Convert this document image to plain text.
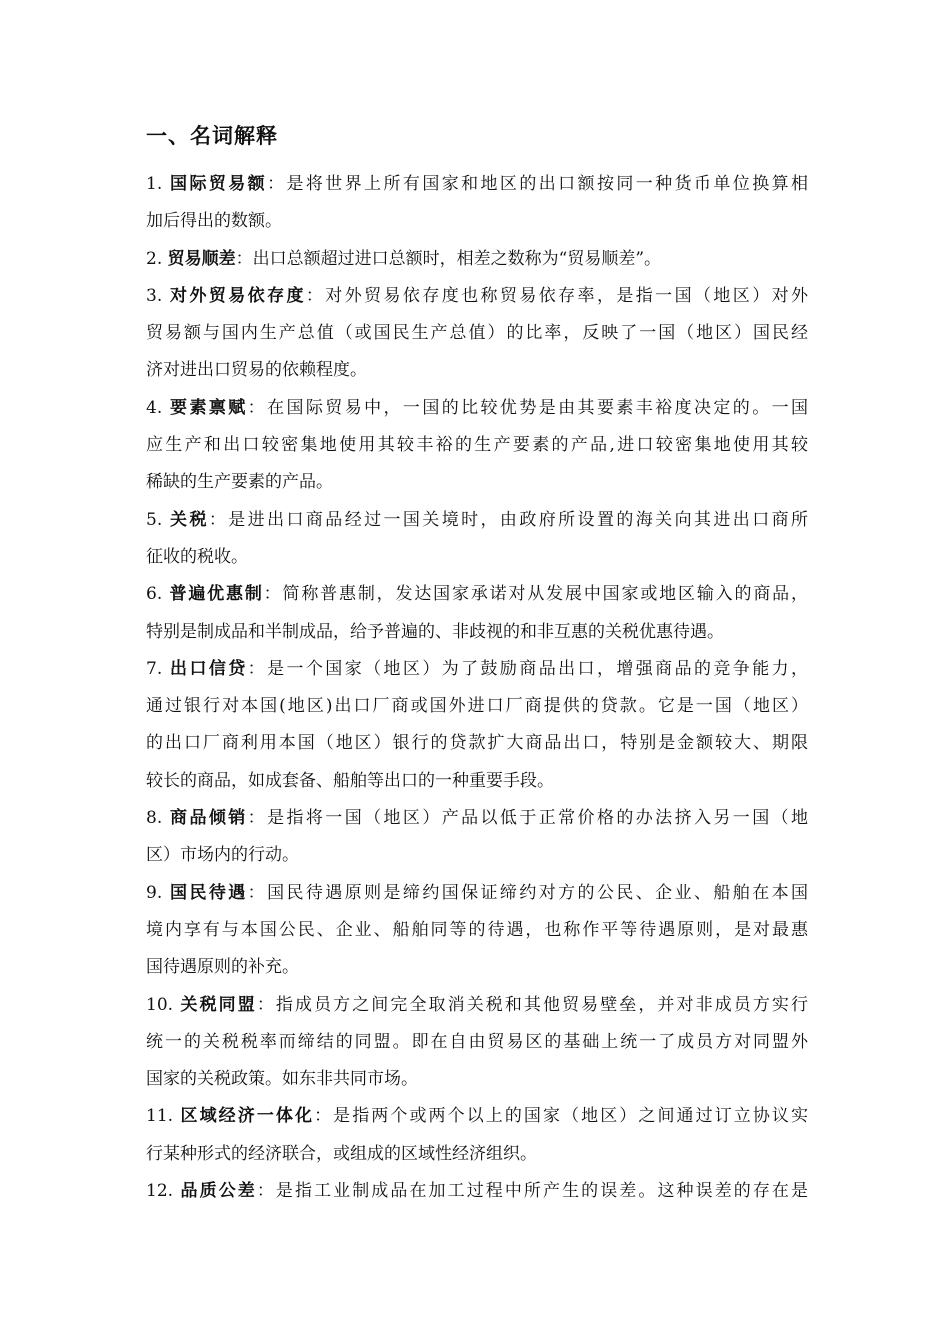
一、名词解释
1. 国际贸易额：是将世界上所有国家和地区的出口额按同一种货币单位换算相
加后得出的数额。
2. 贸易顺差：出口总额超过进口总额时，相差之数称为“贸易顺差”。
3. 对外贸易依存度：对外贸易依存度也称贸易依存率，是指一国（地区）对外
贸易额与国内生产总值（或国民生产总值）的比率，反映了一国（地区）国民经
济对进出口贸易的依赖程度。
4. 要素禀赋：在国际贸易中，一国的比较优势是由其要素丰裕度决定的。一国
应生产和出口较密集地使用其较丰裕的生产要素的产品,进口较密集地使用其较
稀缺的生产要素的产品。
5. 关税：是进出口商品经过一国关境时，由政府所设置的海关向其进出口商所
征收的税收。
6. 普遍优惠制：简称普惠制，发达国家承诺对从发展中国家或地区输入的商品，
特别是制成品和半制成品，给予普遍的、非歧视的和非互惠的关税优惠待遇。
7. 出口信贷：是一个国家（地区）为了鼓励商品出口，增强商品的竞争能力，
通过银行对本国(地区)出口厂商或国外进口厂商提供的贷款。它是一国（地区）
的出口厂商利用本国（地区）银行的贷款扩大商品出口，特别是金额较大、期限
较长的商品，如成套备、船舶等出口的一种重要手段。
8. 商品倾销：是指将一国（地区）产品以低于正常价格的办法挤入另一国（地
区）市场内的行动。
9. 国民待遇：国民待遇原则是缔约国保证缔约对方的公民、企业、船舶在本国
境内享有与本国公民、企业、船舶同等的待遇，也称作平等待遇原则，是对最惠
国待遇原则的补充。
10. 关税同盟：指成员方之间完全取消关税和其他贸易壁垒，并对非成员方实行
统一的关税税率而缔结的同盟。即在自由贸易区的基础上统一了成员方对同盟外
国家的关税政策。如东非共同市场。
11. 区域经济一体化：是指两个或两个以上的国家（地区）之间通过订立协议实
行某种形式的经济联合，或组成的区域性经济组织。
12. 品质公差：是指工业制成品在加工过程中所产生的误差。这种误差的存在是
